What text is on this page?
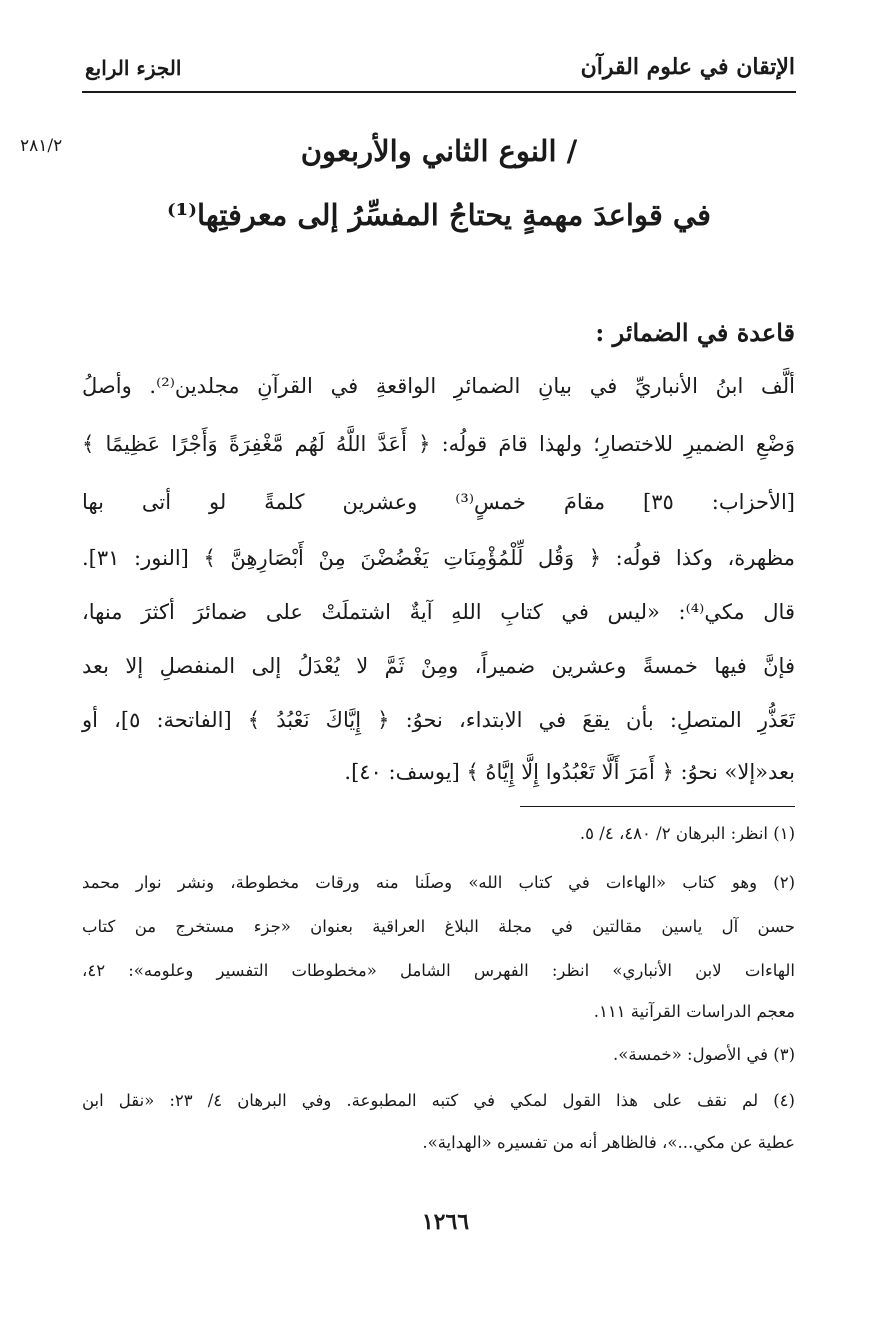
الإتقان في علوم القرآن
الجزء الرابع
٢٨١/٢	/ النوع الثاني والأربعون
في قواعدَ مهمةٍ يحتاجُ المفسِّرُ إلى معرفتِها⁽¹⁾
قاعدة في الضمائر :
ألَّف ابنُ الأنباريِّ في بيانِ الضمائرِ الواقعةِ في القرآنِ مجلدين⁽²⁾. وأصلُ
وَضْعِ الضميرِ للاختصارِ؛ ولهذا قامَ قولُه: ﴿ أَعَدَّ اللَّهُ لَهُم مَّغْفِرَةً وَأَجْرًا عَظِيمًا ﴾
[الأحزاب: ٣٥] مقامَ خمسٍ⁽³⁾ وعشرين كلمةً لو أتى بها
مظهرة، وكذا قولُه: ﴿ وَقُل لِّلْمُؤْمِنَاتِ يَغْضُضْنَ مِنْ أَبْصَارِهِنَّ ﴾ [النور: ٣١].
قال مكي⁽⁴⁾: «ليس في كتابِ اللهِ آيةٌ اشتملَتْ على ضمائرَ أكثرَ منها،
فإنَّ فيها خمسةً وعشرين ضميراً، ومِنْ ثَمَّ لا يُعْدَلُ إلى المنفصلِ إلا بعد
تَعَذُّرِ المتصلِ: بأن يقعَ في الابتداء، نحوُ: ﴿ إِيَّاكَ نَعْبُدُ ﴾ [الفاتحة: ٥]، أو
بعد«إلا» نحوُ: ﴿ أَمَرَ أَلَّا تَعْبُدُوا إِلَّا إِيَّاهُ ﴾ [يوسف: ٤٠].
(١) انظر: البرهان ٢/ ٤٨٠، ٤/ ٥.
(٢) وهو كتاب «الهاءات في كتاب الله» وصلَنا منه ورقات مخطوطة، ونشر نوار محمد
حسن آل ياسين مقالتين في مجلة البلاغ العراقية بعنوان «جزء مستخرج من كتاب
الهاءات لابن الأنباري» انظر: الفهرس الشامل «مخطوطات التفسير وعلومه»: ٤٢،
معجم الدراسات القرآنية ١١١.
(٣) في الأصول: «خمسة».
(٤) لم نقف على هذا القول لمكي في كتبه المطبوعة. وفي البرهان ٤/ ٢٣: «نقل ابن
عطية عن مكي...»، فالظاهر أنه من تفسيره «الهداية».
١٢٦٦
